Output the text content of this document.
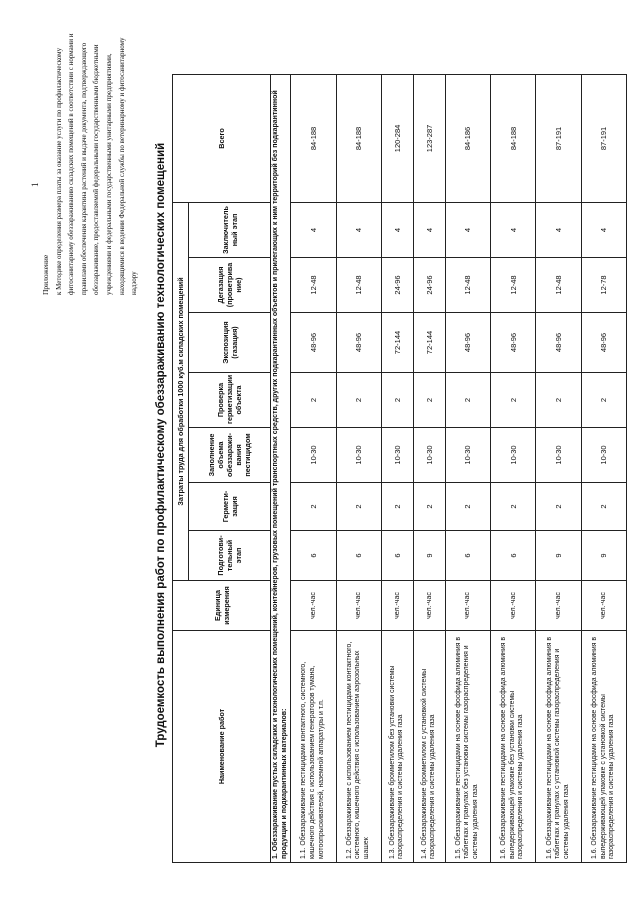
1
Приложение к Методике определения размера платы за оказание услуги по профилактическому фитосанитарному обеззараживанию складских помещений в соответствии с нормами и правилами обеспечения карантина растений и выдаче документа, подтверждающего обеззараживание, предоставляемой федеральными государственными бюджетными учреждениями и федеральными государственными унитарными предприятиями, находящимися в ведении Федеральной службы по ветеринарному и фитосанитарному надзору Трудоемкость выполнения работ по профилактическому обеззараживанию технологических помещений	Наименование работ	Единица измерения	Затраты труда для обработки 1000 куб.м складских помещений							Всего
		Подготови-тельный этап	Гермети-зация	Заполнение объема обеззаражи-вания пестицидом	Проверка герметизации объекта	Экспозиция (газация)	Дегазация (проветрива ние)	Заключитель ный этап	
1. Обеззараживание пустых складских и технологических помещений, контейнеров, грузовых помещений транспортных средств, других подкарантинных объектов и прилегающих к ним территорий без подкарантинной продукции и подкарантинных материалов:									
1.1. Обеззараживание пестицидами контактного, системного, кишечного действия с использованием генераторов тумана, мотоопрыскивателей, наземной аппаратуры и т.п.	чел.-час	6	2	10-30	2	48-96	12-48	4	84-188
1.2. Обеззараживание с использованием пестицидами контактного, системного, кишечного действия с использованием аэрозольных шашек	чел.-час	6	2	10-30	2	48-96	12-48	4	84-188
1.3. Обеззараживание бромметилом без установки системы газораспределения и системы удаления газа	чел.-час	6	2	10-30	2	72-144	24-96	4	120-284
1.4. Обеззараживание бромметилом с установкой системы газораспределения и системы удаления газа	чел.-час	9	2	10-30	2	72-144	24-96	4	123-287
1.5. Обеззараживание пестицидами на основе фосфида алюминия в таблетках и гранулах без установки системы газораспределения и системы удаления газа	чел.-час	6	2	10-30	2	48-96	12-48	4	84-186
1.6. Обеззараживание пестицидами на основе фосфида алюминия в выпедерживающей упаковке без установки системы газораспределения и системы удаления газа	чел.-час	6	2	10-30	2	48-96	12-48	4	84-188
1.6. Обеззараживание пестицидами на основе фосфида алюминия в таблетках и гранулах с установкой системы газораспределения и системы удаления газа	чел.-час	9	2	10-30	2	48-96	12-48	4	87-191
1.6. Обеззараживание пестицидами на основе фосфида алюминия в выпедерживающей упаковке с установкой системы газораспределения и системы удаления газа	чел.-час	9	2	10-30	2	48-96	12-78	4	87-191
